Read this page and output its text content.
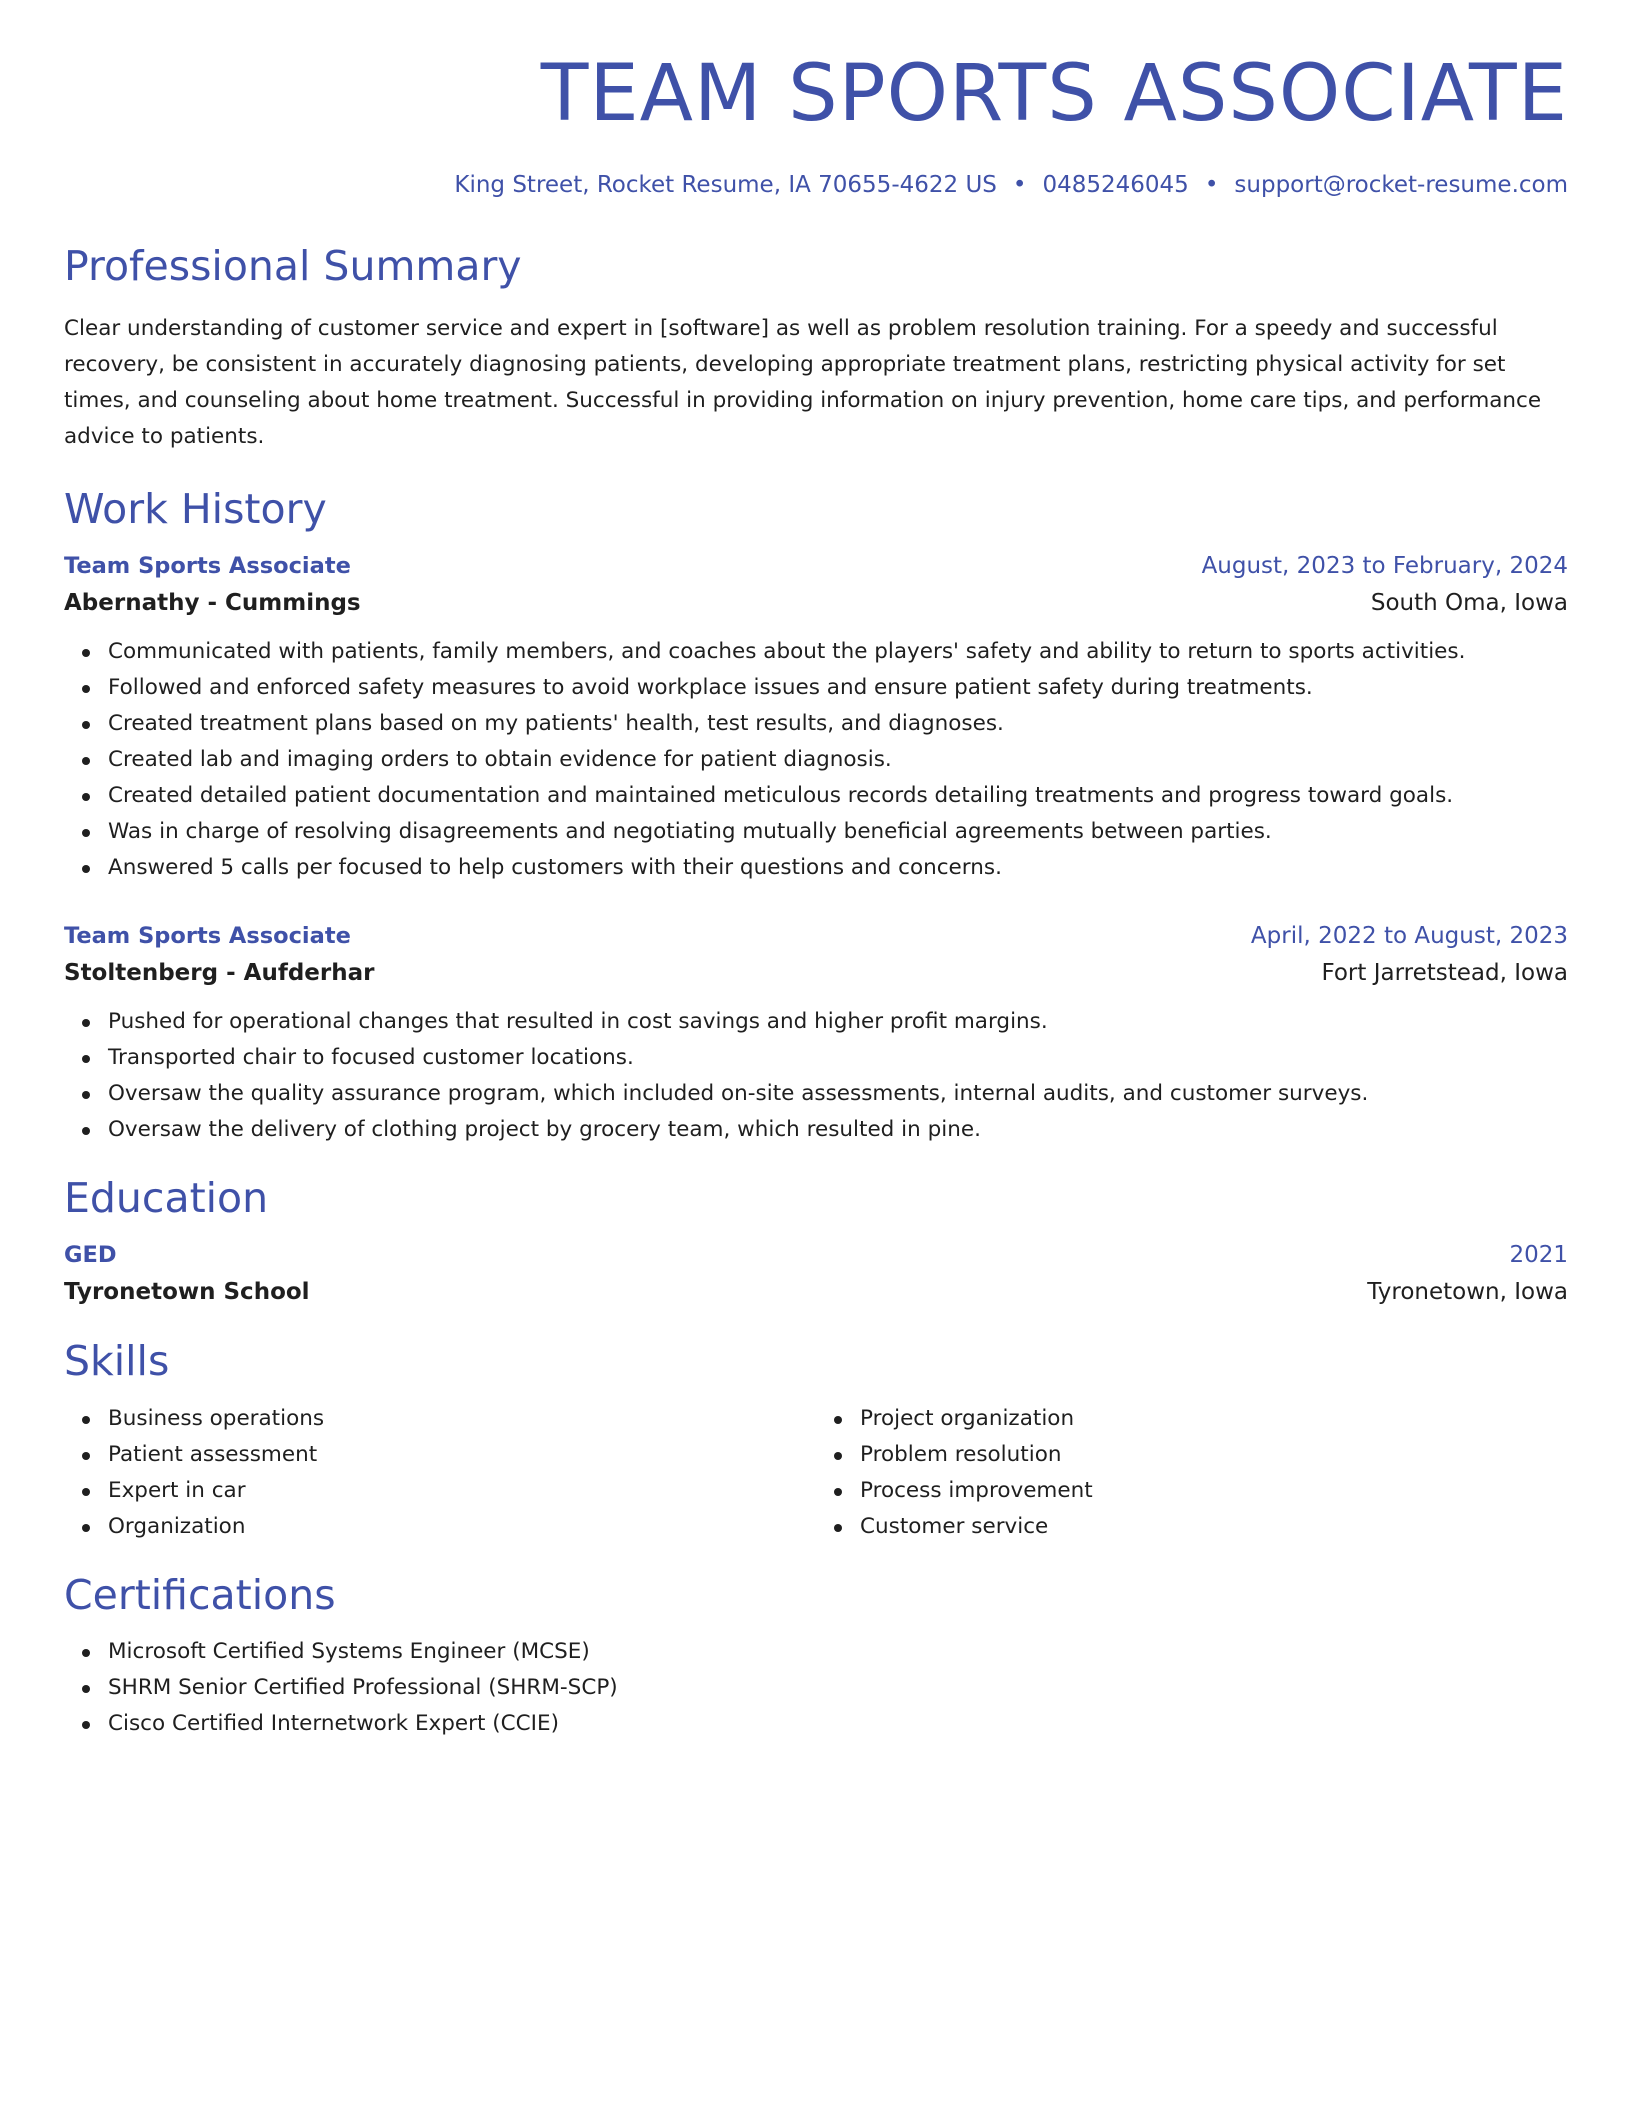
TEAM SPORTS ASSOCIATE
King Street, Rocket Resume, IA 70655-4622 US • 0485246045 • support@rocket-resume.com
Professional Summary

Clear understanding of customer service and expert in [software] as well as problem resolution training. For a speedy and successful recovery, be consistent in accurately diagnosing patients, developing appropriate treatment plans, restricting physical activity for set times, and counseling about home treatment. Successful in providing information on injury prevention, home care tips, and performance advice to patients.

Work History
Team Sports Associate	August, 2023 to February, 2024
Abernathy - Cummings	South Oma, Iowa
Communicated with patients, family members, and coaches about the players' safety and ability to return to sports activities.
Followed and enforced safety measures to avoid workplace issues and ensure patient safety during treatments.
Created treatment plans based on my patients' health, test results, and diagnoses.
Created lab and imaging orders to obtain evidence for patient diagnosis.
Created detailed patient documentation and maintained meticulous records detailing treatments and progress toward goals.
Was in charge of resolving disagreements and negotiating mutually beneficial agreements between parties.
Answered 5 calls per focused to help customers with their questions and concerns.
Team Sports Associate	April, 2022 to August, 2023
Stoltenberg - Aufderhar	Fort Jarretstead, Iowa
Pushed for operational changes that resulted in cost savings and higher profit margins.
Transported chair to focused customer locations.
Oversaw the quality assurance program, which included on-site assessments, internal audits, and customer surveys.
Oversaw the delivery of clothing project by grocery team, which resulted in pine.
Education
GED	2021
Tyronetown School	Tyronetown, Iowa
Skills
Business operations
Patient assessment
Expert in car
Organization
Project organization
Problem resolution
Process improvement
Customer service
Certifications
Microsoft Certified Systems Engineer (MCSE)
SHRM Senior Certified Professional (SHRM-SCP)
Cisco Certified Internetwork Expert (CCIE)
